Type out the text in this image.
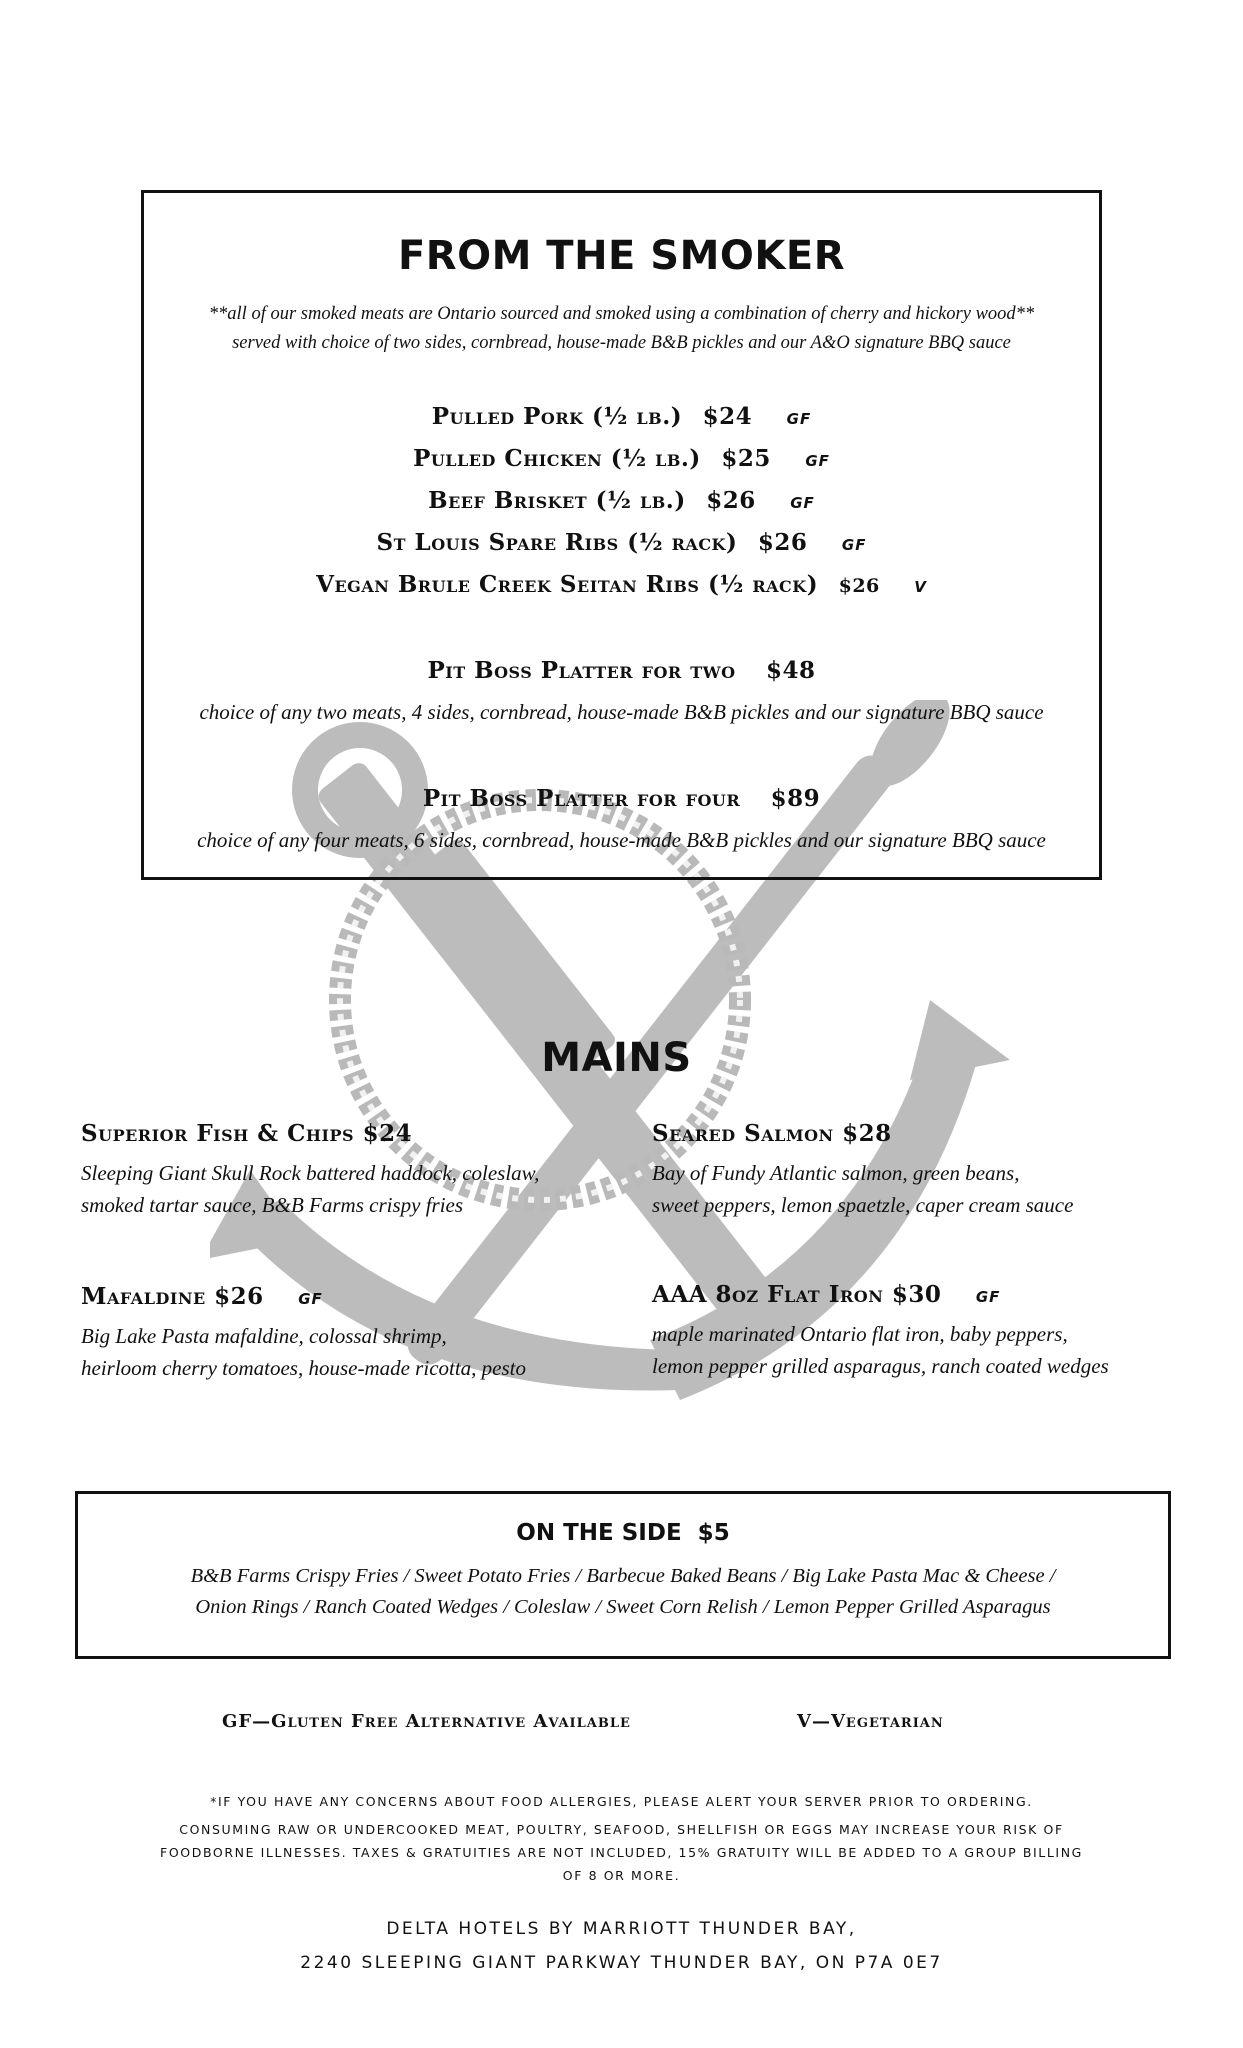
FROM THE SMOKER
**all of our smoked meats are Ontario sourced and smoked using a combination of cherry and hickory wood**
served with choice of two sides, cornbread, house-made B&B pickles and our A&O signature BBQ sauce
Pulled Pork (½ lb.) $24 GF
Pulled Chicken (½ lb.) $25 GF
Beef Brisket (½ lb.) $26 GF
St Louis Spare Ribs (½ rack) $26 GF
Vegan Brule Creek Seitan Ribs (½ rack) $26 V
Pit Boss Platter for two $48
choice of any two meats, 4 sides, cornbread, house-made B&B pickles and our signature BBQ sauce
Pit Boss Platter for four $89
choice of any four meats, 6 sides, cornbread, house-made B&B pickles and our signature BBQ sauce
MAINS
Superior Fish & Chips $24
Sleeping Giant Skull Rock battered haddock, coleslaw,
smoked tartar sauce, B&B Farms crispy fries
Seared Salmon $28
Bay of Fundy Atlantic salmon, green beans,
sweet peppers, lemon spaetzle, caper cream sauce
Mafaldine $26 GF
Big Lake Pasta mafaldine, colossal shrimp,
heirloom cherry tomatoes, house-made ricotta, pesto
AAA 8oz Flat Iron $30 GF
maple marinated Ontario flat iron, baby peppers,
lemon pepper grilled asparagus, ranch coated wedges
ON THE SIDE  $5
B&B Farms Crispy Fries / Sweet Potato Fries / Barbecue Baked Beans / Big Lake Pasta Mac & Cheese /
Onion Rings / Ranch Coated Wedges / Coleslaw / Sweet Corn Relish / Lemon Pepper Grilled Asparagus
GF—Gluten Free Alternative Available	V—Vegetarian
*IF YOU HAVE ANY CONCERNS ABOUT FOOD ALLERGIES, PLEASE ALERT YOUR SERVER PRIOR TO ORDERING.
CONSUMING RAW OR UNDERCOOKED MEAT, POULTRY, SEAFOOD, SHELLFISH OR EGGS MAY INCREASE YOUR RISK OF
FOODBORNE ILLNESSES. TAXES & GRATUITIES ARE NOT INCLUDED, 15% GRATUITY WILL BE ADDED TO A GROUP BILLING
OF 8 OR MORE.
DELTA HOTELS BY MARRIOTT THUNDER BAY,
2240 SLEEPING GIANT PARKWAY THUNDER BAY, ON P7A 0E7
